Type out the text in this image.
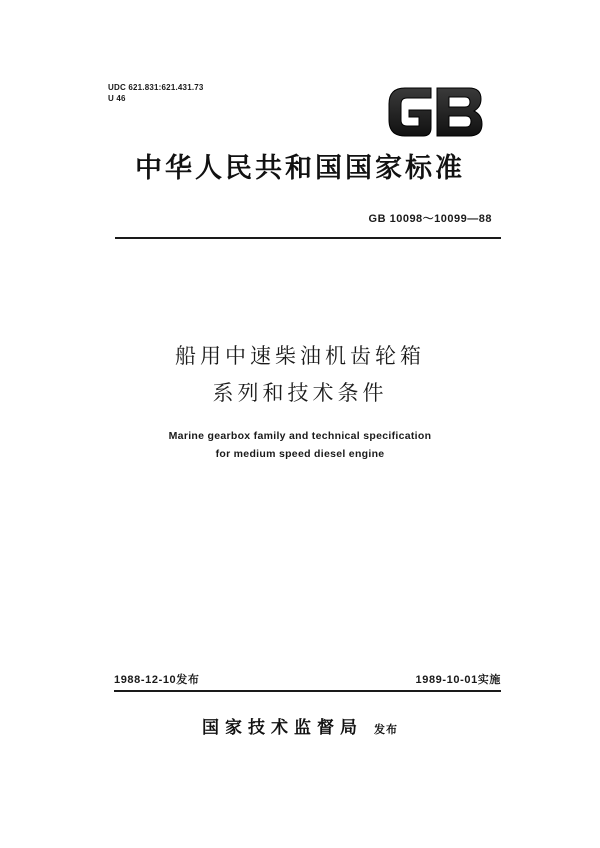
UDC 621.831:621.431.73
U 46
GB
中华人民共和国国家标准
GB 10098～10099—88
船用中速柴油机齿轮箱
系列和技术条件
Marine gearbox family and technical specification
for medium speed diesel engine
1988-12-10发布	1989-10-01实施
国家技术监督局 发布
